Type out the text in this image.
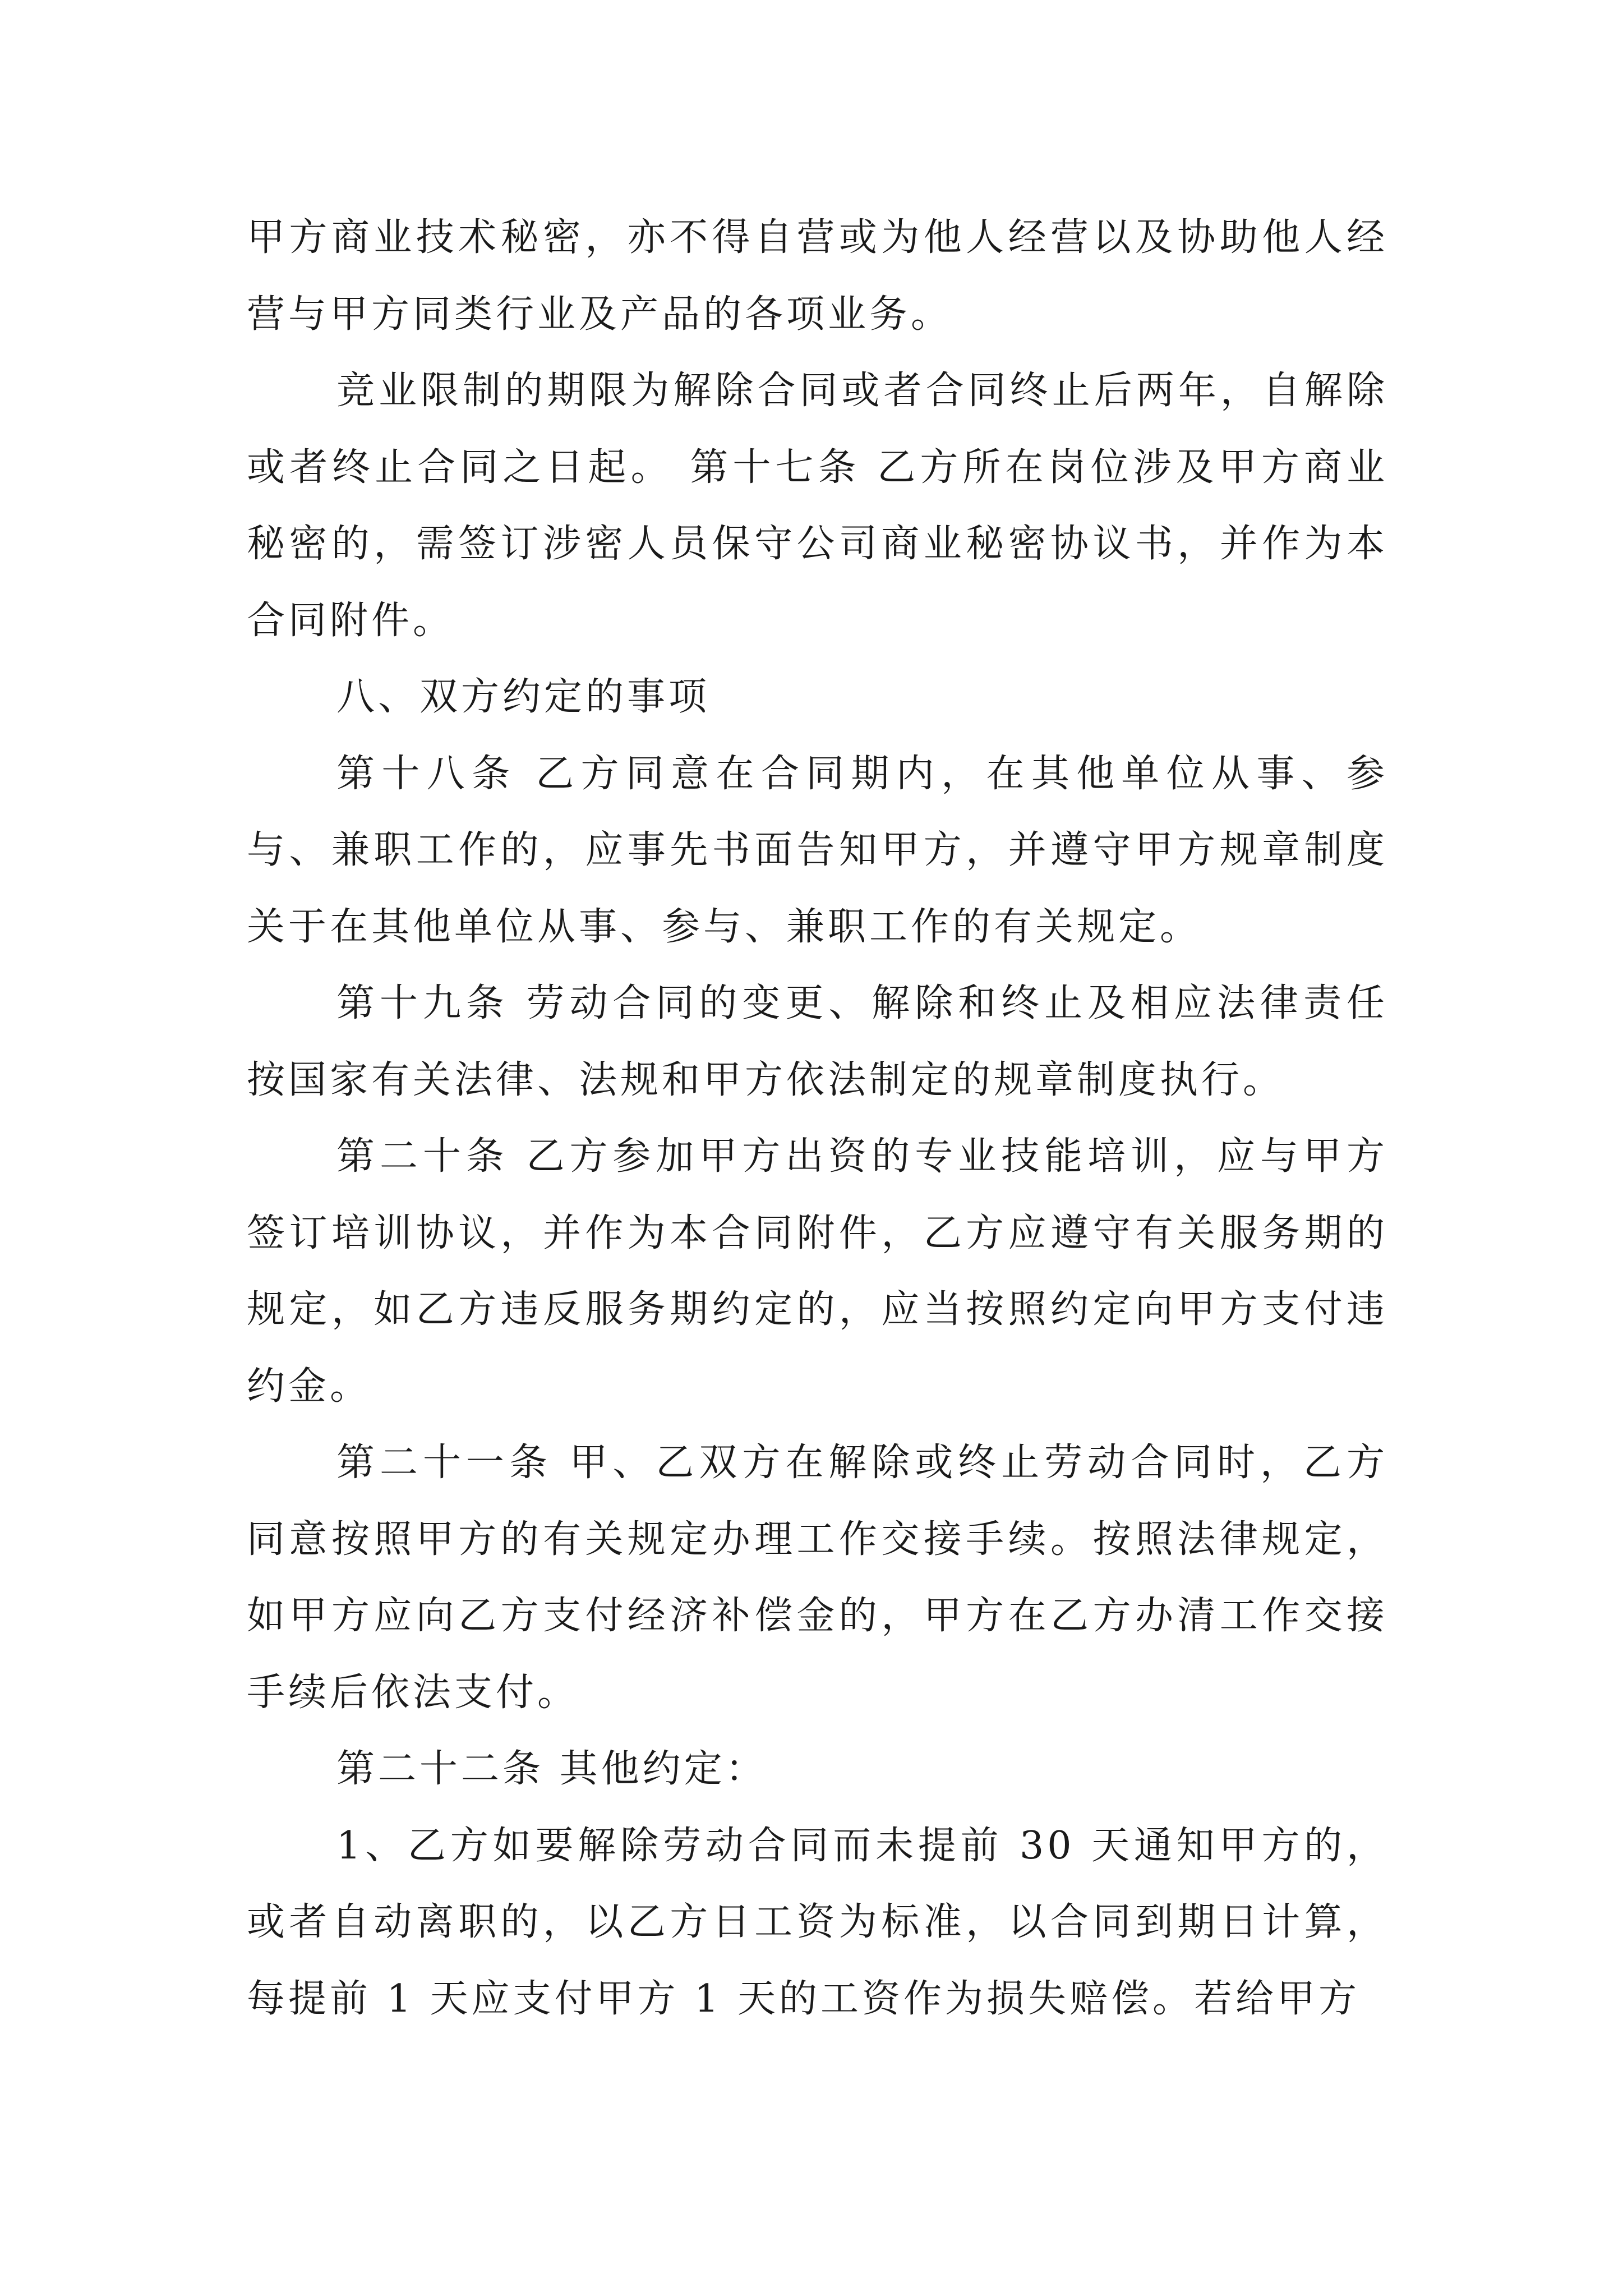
甲方商业技术秘密，亦不得自营或为他人经营以及协助他人经营与甲方同类行业及产品的各项业务。

竞业限制的期限为解除合同或者合同终止后两年，自解除或者终止合同之日起。 第十七条 乙方所在岗位涉及甲方商业秘密的，需签订涉密人员保守公司商业秘密协议书，并作为本合同附件。

八、双方约定的事项

第十八条 乙方同意在合同期内，在其他单位从事、参与、兼职工作的，应事先书面告知甲方，并遵守甲方规章制度关于在其他单位从事、参与、兼职工作的有关规定。

第十九条 劳动合同的变更、解除和终止及相应法律责任按国家有关法律、法规和甲方依法制定的规章制度执行。

第二十条 乙方参加甲方出资的专业技能培训，应与甲方签订培训协议，并作为本合同附件，乙方应遵守有关服务期的规定，如乙方违反服务期约定的，应当按照约定向甲方支付违约金。

第二十一条 甲、乙双方在解除或终止劳动合同时，乙方同意按照甲方的有关规定办理工作交接手续。按照法律规定，如甲方应向乙方支付经济补偿金的，甲方在乙方办清工作交接手续后依法支付。

第二十二条 其他约定：

1、乙方如要解除劳动合同而未提前 30 天通知甲方的，或者自动离职的，以乙方日工资为标准，以合同到期日计算，每提前 1 天应支付甲方 1 天的工资作为损失赔偿。若给甲方
